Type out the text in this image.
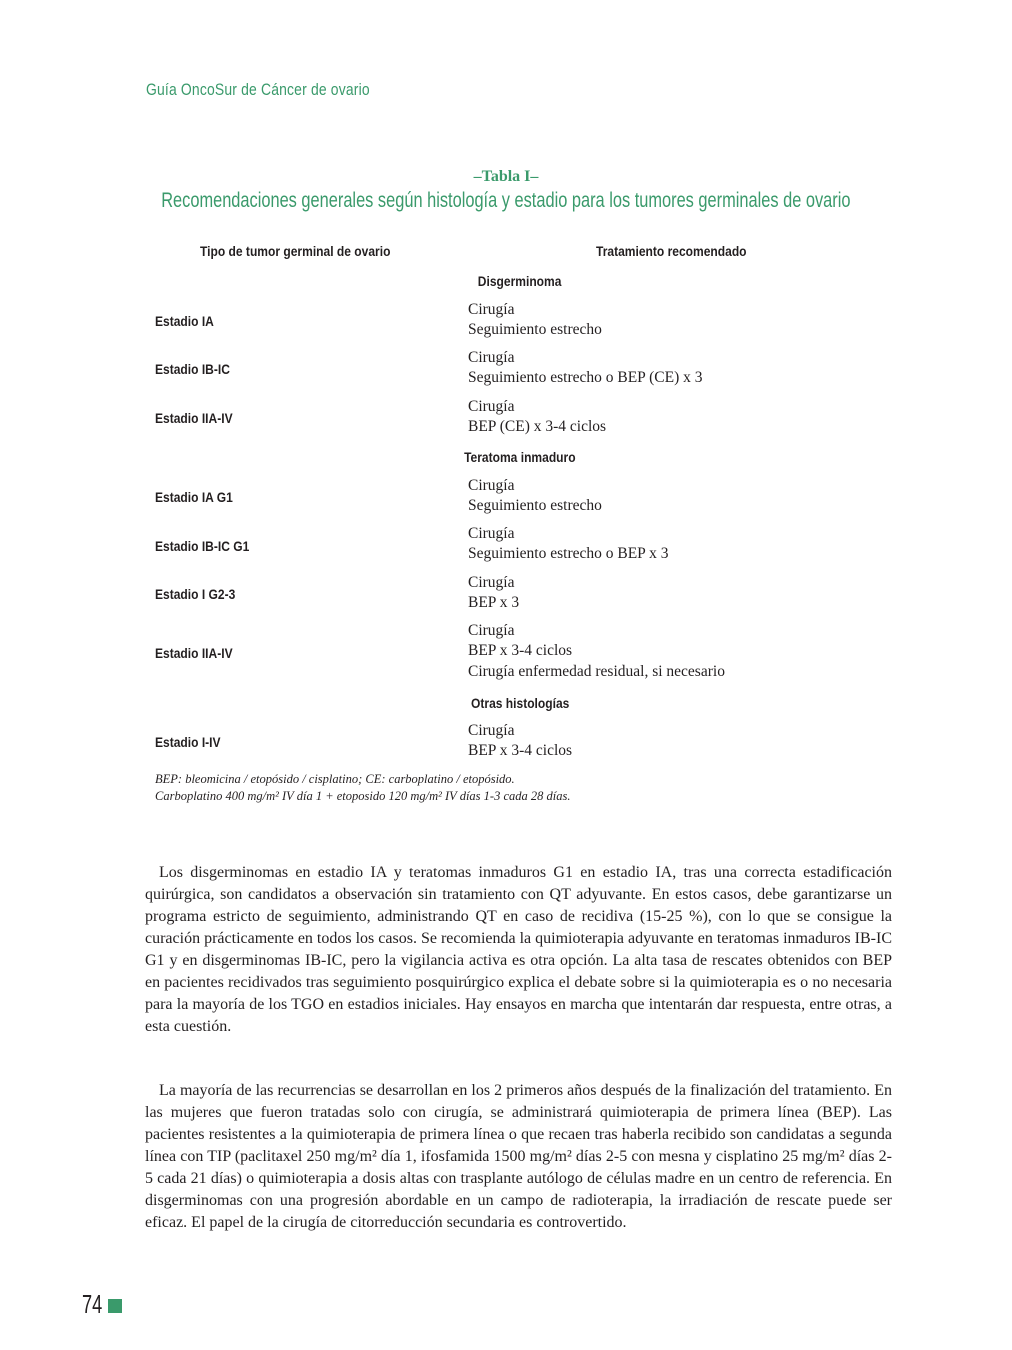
Guía OncoSur de Cáncer de ovario
–Tabla I–
Recomendaciones generales según histología y estadio para los tumores germinales de ovario
Tipo de tumor germinal de ovario	Tratamiento recomendado
Disgerminoma
Estadio IA
Cirugía
Seguimiento estrecho
Estadio IB-IC
Cirugía
Seguimiento estrecho o BEP (CE) x 3
Estadio IIA-IV
Cirugía
BEP (CE) x 3-4 ciclos
Teratoma inmaduro
Estadio IA G1
Cirugía
Seguimiento estrecho
Estadio IB-IC G1
Cirugía
Seguimiento estrecho o BEP x 3
Estadio I G2-3
Cirugía
BEP x 3
Estadio IIA-IV
Cirugía
BEP x 3-4 ciclos
Cirugía enfermedad residual, si necesario
Otras histologías
Estadio I-IV
Cirugía
BEP x 3-4 ciclos
BEP: bleomicina / etopósido / cisplatino; CE: carboplatino / etopósido.
Carboplatino 400 mg/m² IV día 1 + etoposido 120 mg/m² IV días 1-3 cada 28 días.

Los disgerminomas en estadio IA y teratomas inmaduros G1 en estadio IA, tras una correcta estadificación quirúrgica, son candidatos a observación sin tratamiento con QT adyuvante. En estos casos, debe garantizarse un programa estricto de seguimiento, administrando QT en caso de recidiva (15-25 %), con lo que se consigue la curación prácticamente en todos los casos. Se recomienda la quimioterapia adyuvante en teratomas inmaduros IB-IC G1 y en disgerminomas IB-IC, pero la vigilancia activa es otra opción. La alta tasa de rescates obtenidos con BEP en pacientes recidivados tras seguimiento posquirúrgico explica el debate sobre si la quimioterapia es o no necesaria para la mayoría de los TGO en estadios iniciales. Hay ensayos en marcha que intentarán dar respuesta, entre otras, a esta cuestión.

La mayoría de las recurrencias se desarrollan en los 2 primeros años después de la finalización del tratamiento. En las mujeres que fueron tratadas solo con cirugía, se administrará quimioterapia de primera línea (BEP). Las pacientes resistentes a la quimioterapia de primera línea o que recaen tras haberla recibido son candidatas a segunda línea con TIP (paclitaxel 250 mg/m² día 1, ifosfamida 1500 mg/m² días 2-5 con mesna y cisplatino 25 mg/m² días 2-5 cada 21 días) o quimioterapia a dosis altas con trasplante autólogo de células madre en un centro de referencia. En disgerminomas con una progresión abordable en un campo de radioterapia, la irradiación de rescate puede ser eficaz. El papel de la cirugía de citorreducción secundaria es controvertido.

74
